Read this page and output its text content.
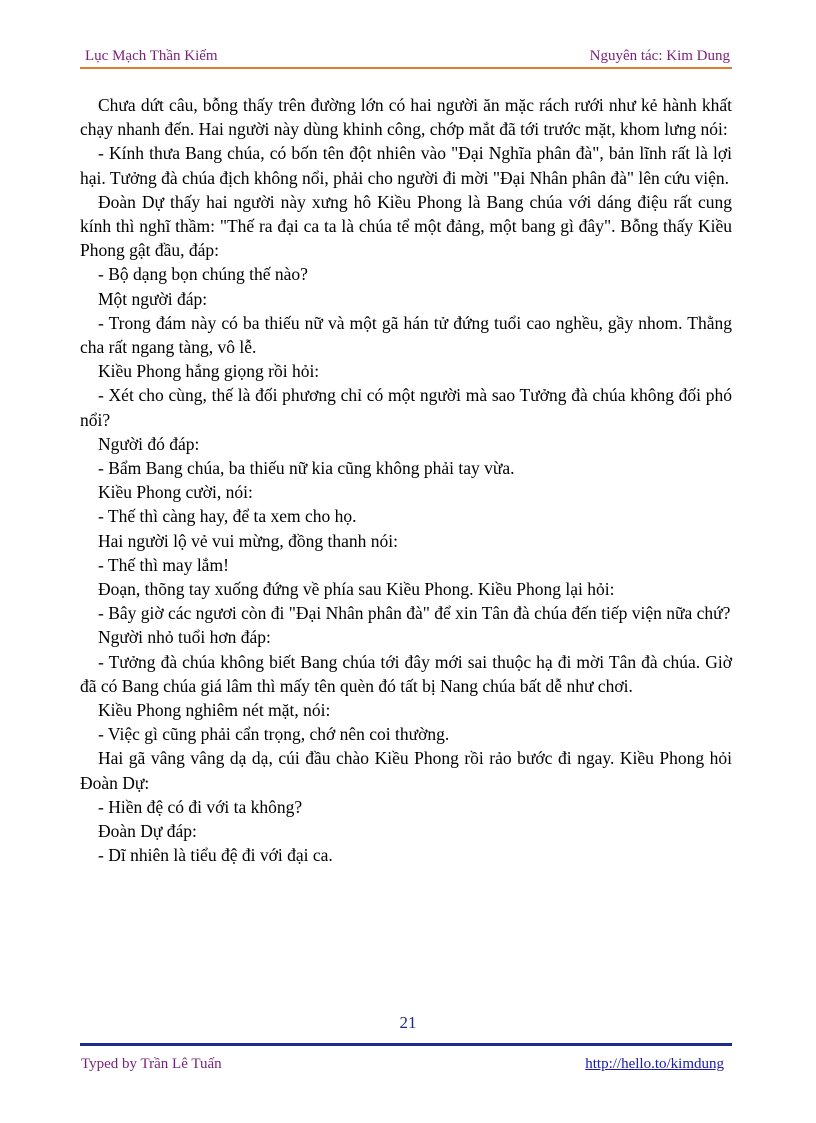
Lục Mạch Thần Kiếm	Nguyên tác: Kim Dung

Chưa dứt câu, bỗng thấy trên đường lớn có hai người ăn mặc rách rưới như kẻ hành khất chạy nhanh đến. Hai người này dùng khinh công, chớp mắt đã tới trước mặt, khom lưng nói:

- Kính thưa Bang chúa, có bốn tên đột nhiên vào "Đại Nghĩa phân đà", bản lĩnh rất là lợi hại. Tưởng đà chúa địch không nổi, phải cho người đi mời "Đại Nhân phân đà" lên cứu viện.

Đoàn Dự thấy hai người này xưng hô Kiều Phong là Bang chúa với dáng điệu rất cung kính thì nghĩ thầm: "Thế ra đại ca ta là chúa tể một đảng, một bang gì đây". Bỗng thấy Kiều Phong gật đầu, đáp:

- Bộ dạng bọn chúng thế nào?

Một người đáp:

- Trong đám này có ba thiếu nữ và một gã hán tử đứng tuổi cao nghều, gầy nhom. Thằng cha rất ngang tàng, vô lễ.

Kiều Phong hắng giọng rồi hỏi:

- Xét cho cùng, thế là đối phương chỉ có một người mà sao Tưởng đà chúa không đối phó nổi?

Người đó đáp:

- Bẩm Bang chúa, ba thiếu nữ kia cũng không phải tay vừa.

Kiều Phong cười, nói:

- Thế thì càng hay, để ta xem cho họ.

Hai người lộ vẻ vui mừng, đồng thanh nói:

- Thế thì may lắm!

Đoạn, thõng tay xuống đứng về phía sau Kiều Phong. Kiều Phong lại hỏi:

- Bây giờ các ngươi còn đi "Đại Nhân phân đà" để xin Tân đà chúa đến tiếp viện nữa chứ?

Người nhỏ tuổi hơn đáp:

- Tưởng đà chúa không biết Bang chúa tới đây mới sai thuộc hạ đi mời Tân đà chúa. Giờ đã có Bang chúa giá lâm thì mấy tên quèn đó tất bị Nang chúa bất dễ như chơi.

Kiều Phong nghiêm nét mặt, nói:

- Việc gì cũng phải cẩn trọng, chớ nên coi thường.

Hai gã vâng vâng dạ dạ, cúi đầu chào Kiều Phong rồi rảo bước đi ngay. Kiều Phong hỏi Đoàn Dự:

- Hiền đệ có đi với ta không?

Đoàn Dự đáp:

- Dĩ nhiên là tiểu đệ đi với đại ca.

21
Typed by Trần Lê Tuấn	http://hello.to/kimdung
